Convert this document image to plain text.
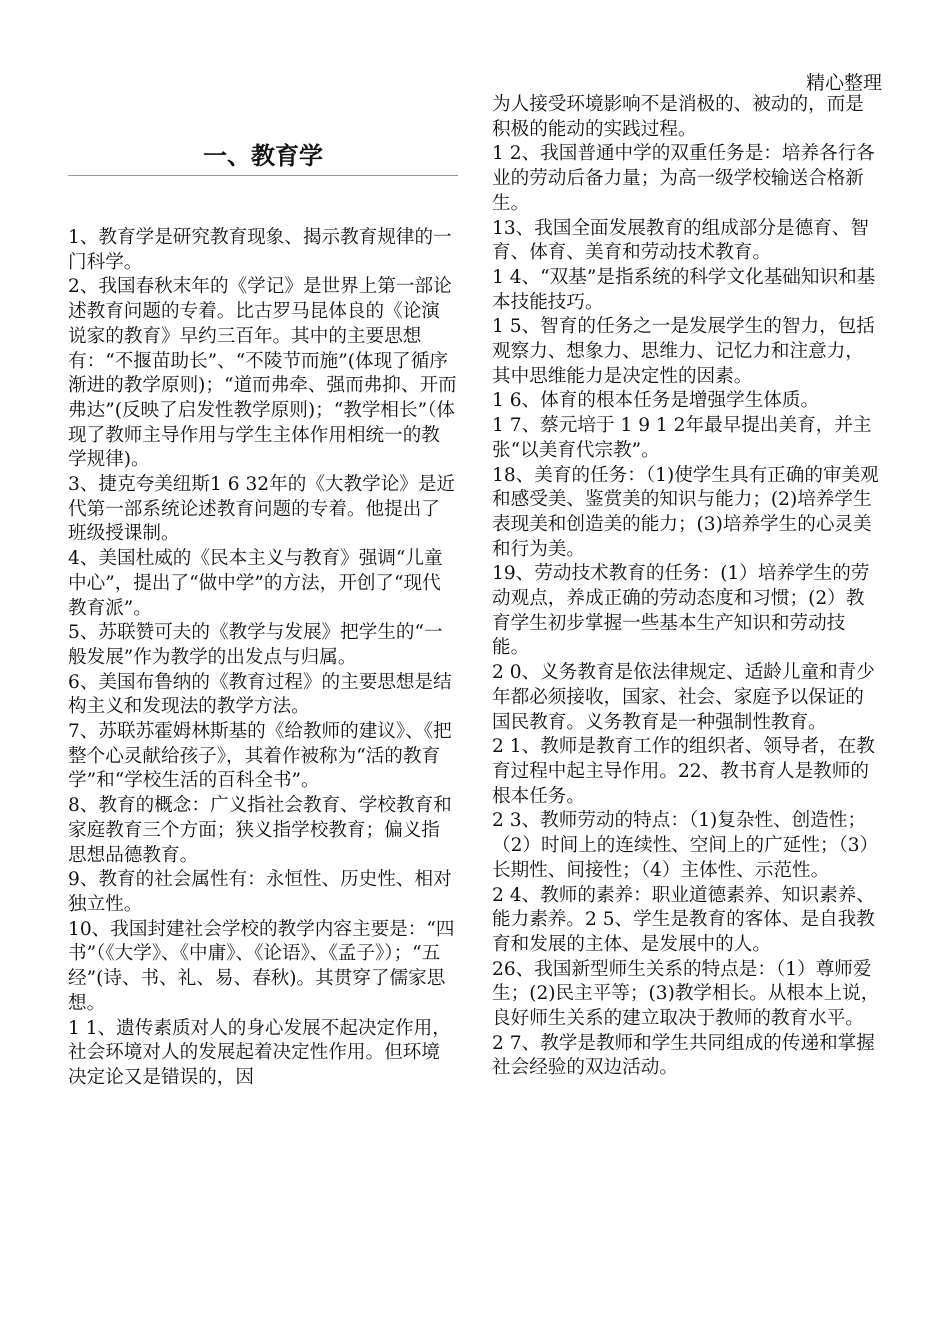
精心整理
一、教育学

1、教育学是研究教育现象、揭示教育规律的一门科学。

2、我国春秋末年的《学记》是世界上第一部论述教育问题的专着。比古罗马昆体良的《论演说家的教育》早约三百年。其中的主要思想有：“不揠苗助长”、“不陵节而施”(体现了循序渐进的教学原则)；“道而弗牵、强而弗抑、开而弗达”(反映了启发性教学原则)；“教学相长”（体现了教师主导作用与学生主体作用相统一的教学规律)。

3、捷克夸美纽斯1 6 32年的《大教学论》是近代第一部系统论述教育问题的专着。他提出了班级授课制。

4、美国杜威的《民本主义与教育》强调“儿童中心”，提出了“做中学”的方法，开创了“现代教育派”。

5、苏联赞可夫的《教学与发展》把学生的“一般发展”作为教学的出发点与归属。

6、美国布鲁纳的《教育过程》的主要思想是结构主义和发现法的教学方法。

7、苏联苏霍姆林斯基的《给教师的建议》、《把整个心灵献给孩子》，其着作被称为“活的教育学”和“学校生活的百科全书”。

8、教育的概念：广义指社会教育、学校教育和家庭教育三个方面；狭义指学校教育；偏义指思想品德教育。

9、教育的社会属性有：永恒性、历史性、相对独立性。

10、我国封建社会学校的教学内容主要是：“四书”（《大学》、《中庸》、《论语》、《孟子》）；“五经”(诗、书、礼、易、春秋)。其贯穿了儒家思想。

1 1、遗传素质对人的身心发展不起决定作用，社会环境对人的发展起着决定性作用。但环境决定论又是错误的，因

为人接受环境影响不是消极的、被动的，而是积极的能动的实践过程。

1 2、我国普通中学的双重任务是：培养各行各业的劳动后备力量；为高一级学校输送合格新生。

13、我国全面发展教育的组成部分是德育、智育、体育、美育和劳动技术教育。

1 4、“双基”是指系统的科学文化基础知识和基本技能技巧。

1 5、智育的任务之一是发展学生的智力，包括观察力、想象力、思维力、记忆力和注意力，其中思维能力是决定性的因素。

1 6、体育的根本任务是增强学生体质。

1 7、蔡元培于 1 9 1 2年最早提出美育，并主张“以美育代宗教”。

18、美育的任务：（1)使学生具有正确的审美观和感受美、鉴赏美的知识与能力；(2)培养学生表现美和创造美的能力；(3)培养学生的心灵美和行为美。

19、劳动技术教育的任务：(1）培养学生的劳动观点，养成正确的劳动态度和习惯；(2）教育学生初步掌握一些基本生产知识和劳动技能。

2 0、义务教育是依法律规定、适龄儿童和青少年都必须接收，国家、社会、家庭予以保证的国民教育。义务教育是一种强制性教育。

2 1、教师是教育工作的组织者、领导者，在教育过程中起主导作用。22、教书育人是教师的根本任务。

2 3、教师劳动的特点：（1)复杂性、创造性；（2）时间上的连续性、空间上的广延性；（3）长期性、间接性；（4）主体性、示范性。

2 4、教师的素养：职业道德素养、知识素养、能力素养。2 5、学生是教育的客体、是自我教育和发展的主体、是发展中的人。

26、我国新型师生关系的特点是：（1）尊师爱生；(2)民主平等；(3)教学相长。从根本上说，良好师生关系的建立取决于教师的教育水平。

2 7、教学是教师和学生共同组成的传递和掌握社会经验的双边活动。
